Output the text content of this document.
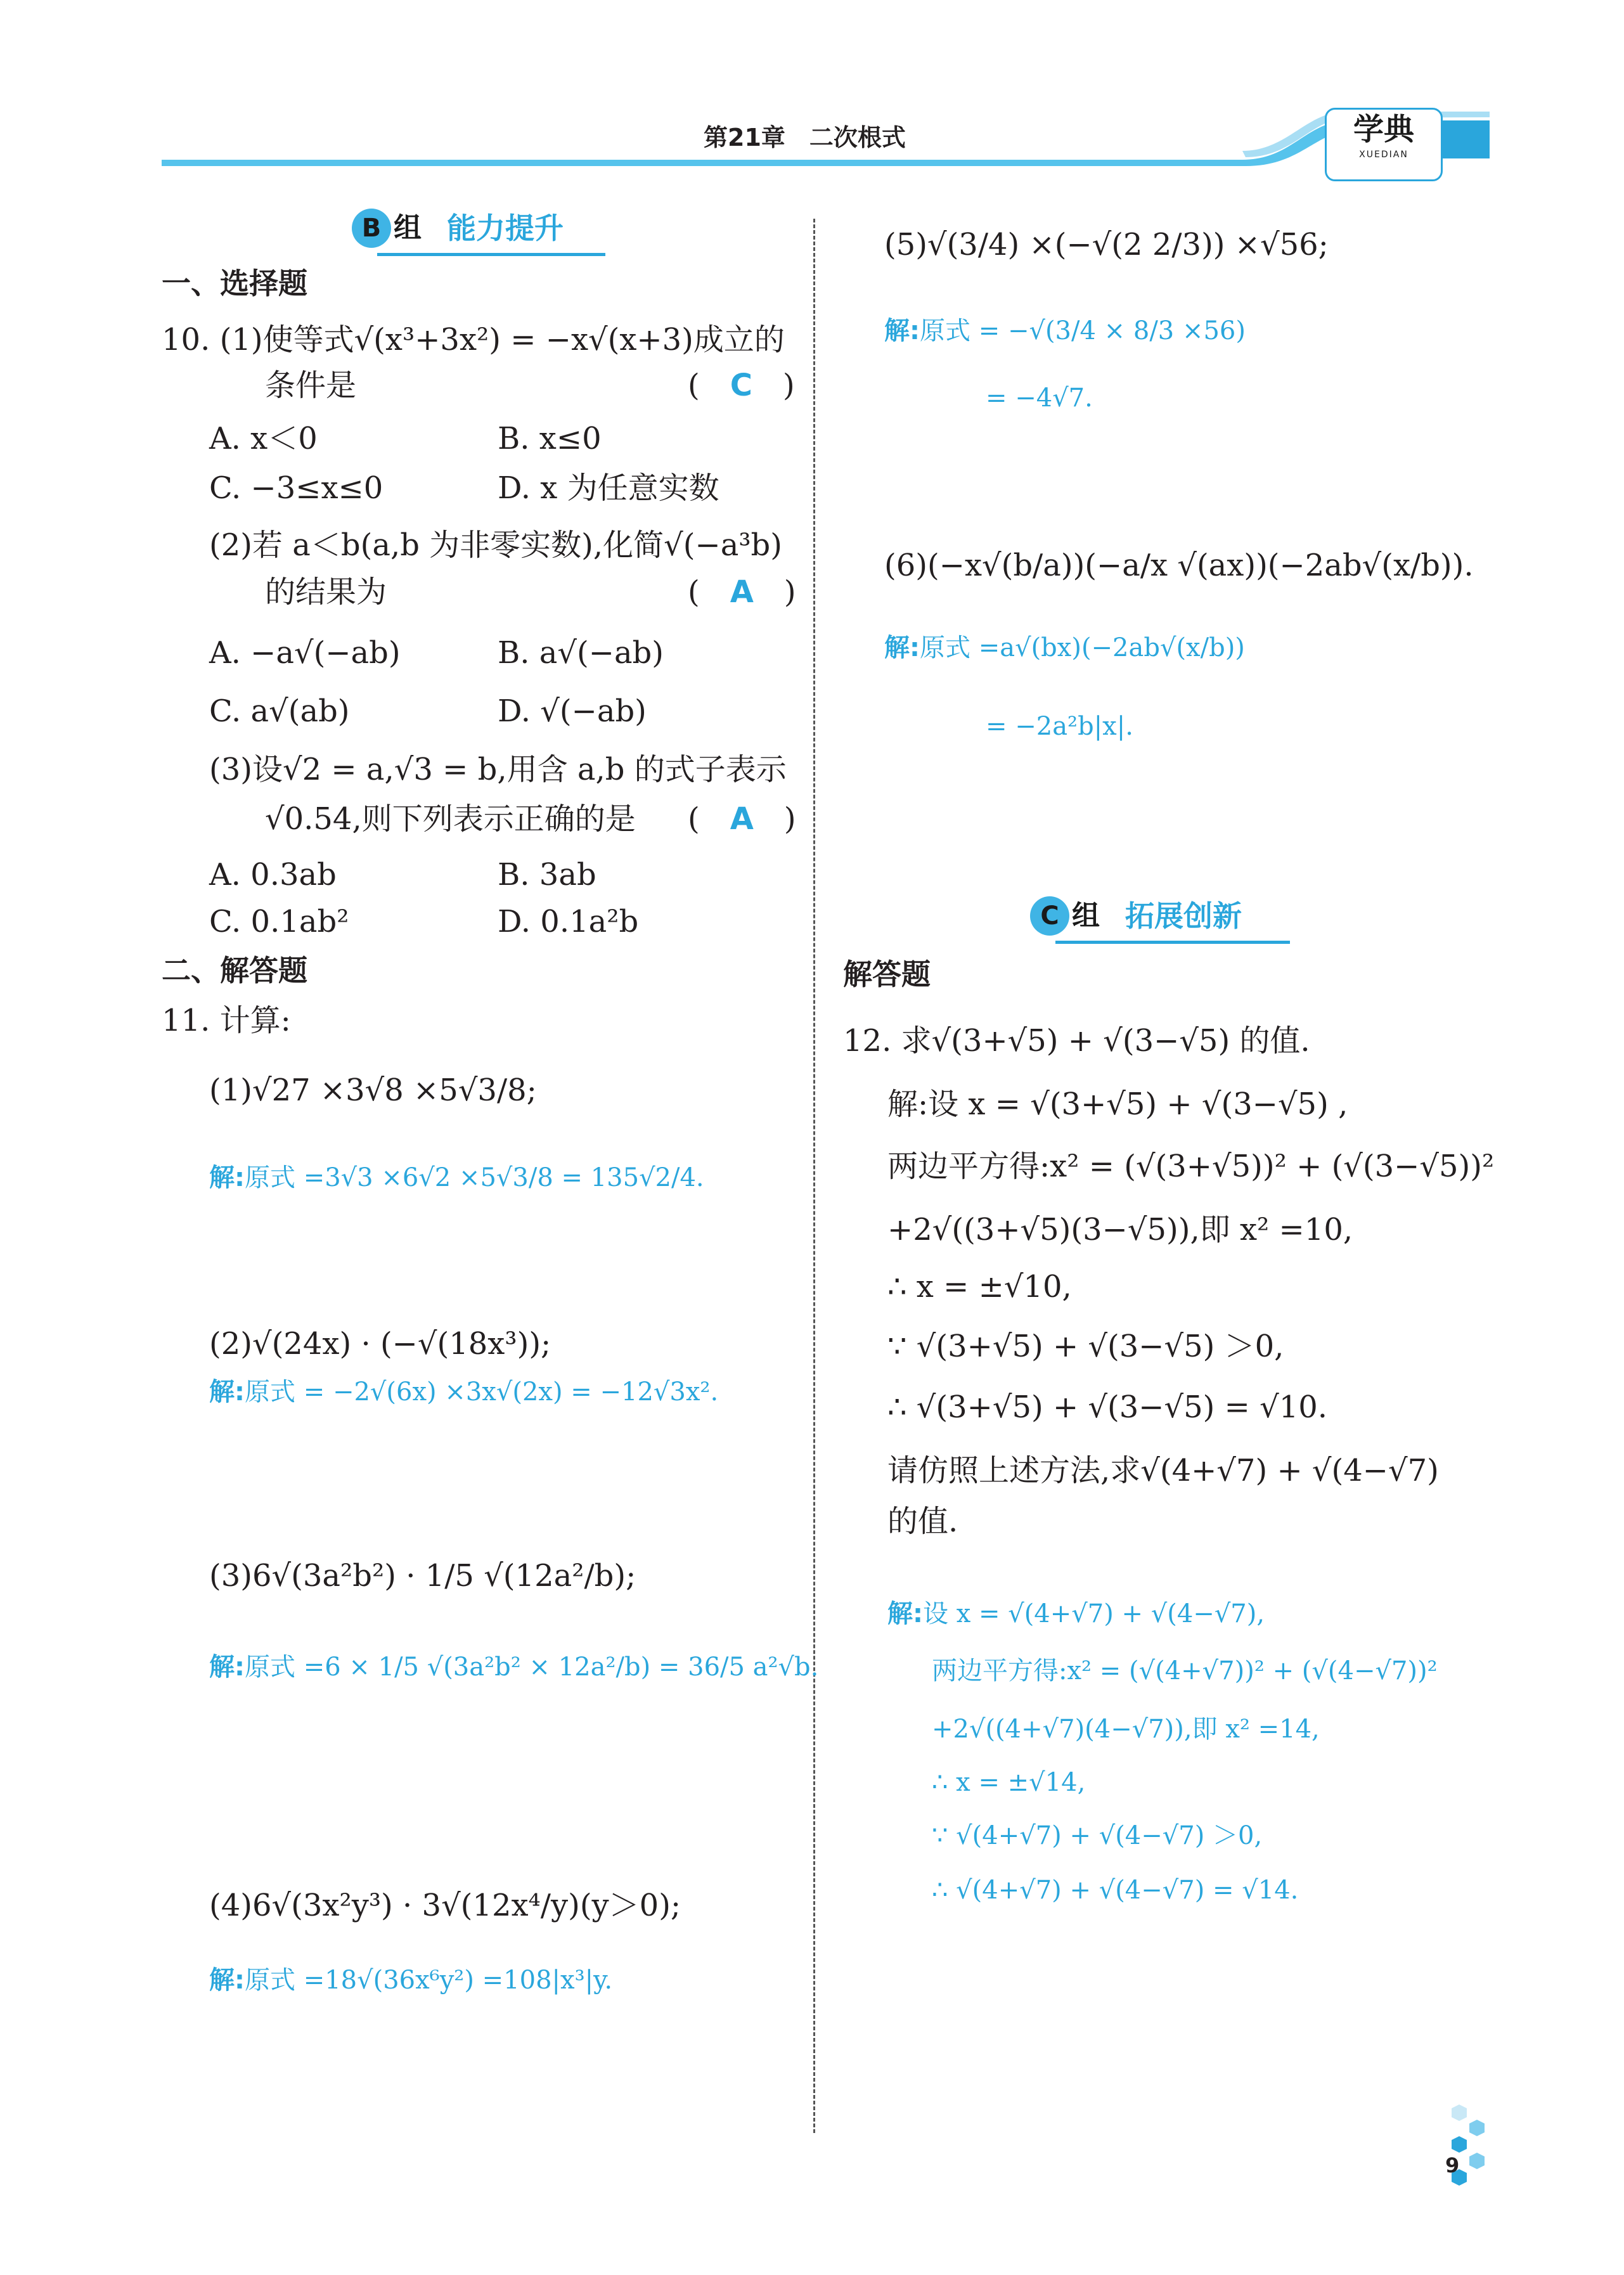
第21章　二次根式	学典
XUEDIAN
B 组 能力提升
一、选择题
10. (1)使等式√(x³+3x²) = −x√(x+3)成立的
条件是	(　C　)
A. x＜0	B. x≤0
C. −3≤x≤0	D. x 为任意实数
(2)若 a＜b(a,b 为非零实数),化简√(−a³b)
的结果为	(　A　)
A. −a√(−ab)	B. a√(−ab)
C. a√(ab)	D. √(−ab)
(3)设√2 = a,√3 = b,用含 a,b 的式子表示
√0.54,则下列表示正确的是 (　A　)
A. 0.3ab	B. 3ab
C. 0.1ab²	D. 0.1a²b
二、解答题
11. 计算:
(1)√27 ×3√8 ×5√3/8;
解:原式 =3√3 ×6√2 ×5√3/8 = 135√2/4.
(2)√(24x) · (−√(18x³));
解:原式 = −2√(6x) ×3x√(2x) = −12√3x².
(3)6√(3a²b²) · 1/5 √(12a²/b);
解:原式 =6 × 1/5 √(3a²b² × 12a²/b) = 36/5 a²√b.
(4)6√(3x²y³) · 3√(12x⁴/y)(y＞0);
解:原式 =18√(36x⁶y²) =108|x³|y.
(5)√(3/4) ×(−√(2 2/3)) ×√56;
解:原式 = −√(3/4 × 8/3 ×56)
= −4√7.
(6)(−x√(b/a))(−a/x √(ax))(−2ab√(x/b)).
解:原式 =a√(bx)(−2ab√(x/b))
= −2a²b|x|.
C 组 拓展创新
解答题
12. 求√(3+√5) + √(3−√5) 的值.
解:设 x = √(3+√5) + √(3−√5) ,
两边平方得:x² = (√(3+√5))² + (√(3−√5))²
+2√((3+√5)(3−√5)),即 x² =10,
∴ x = ±√10,
∵ √(3+√5) + √(3−√5) ＞0,
∴ √(3+√5) + √(3−√5) = √10.
请仿照上述方法,求√(4+√7) + √(4−√7)
的值.
解:设 x = √(4+√7) + √(4−√7),
两边平方得:x² = (√(4+√7))² + (√(4−√7))²
+2√((4+√7)(4−√7)),即 x² =14,
∴ x = ±√14,
∵ √(4+√7) + √(4−√7) ＞0,
∴ √(4+√7) + √(4−√7) = √14.
9
